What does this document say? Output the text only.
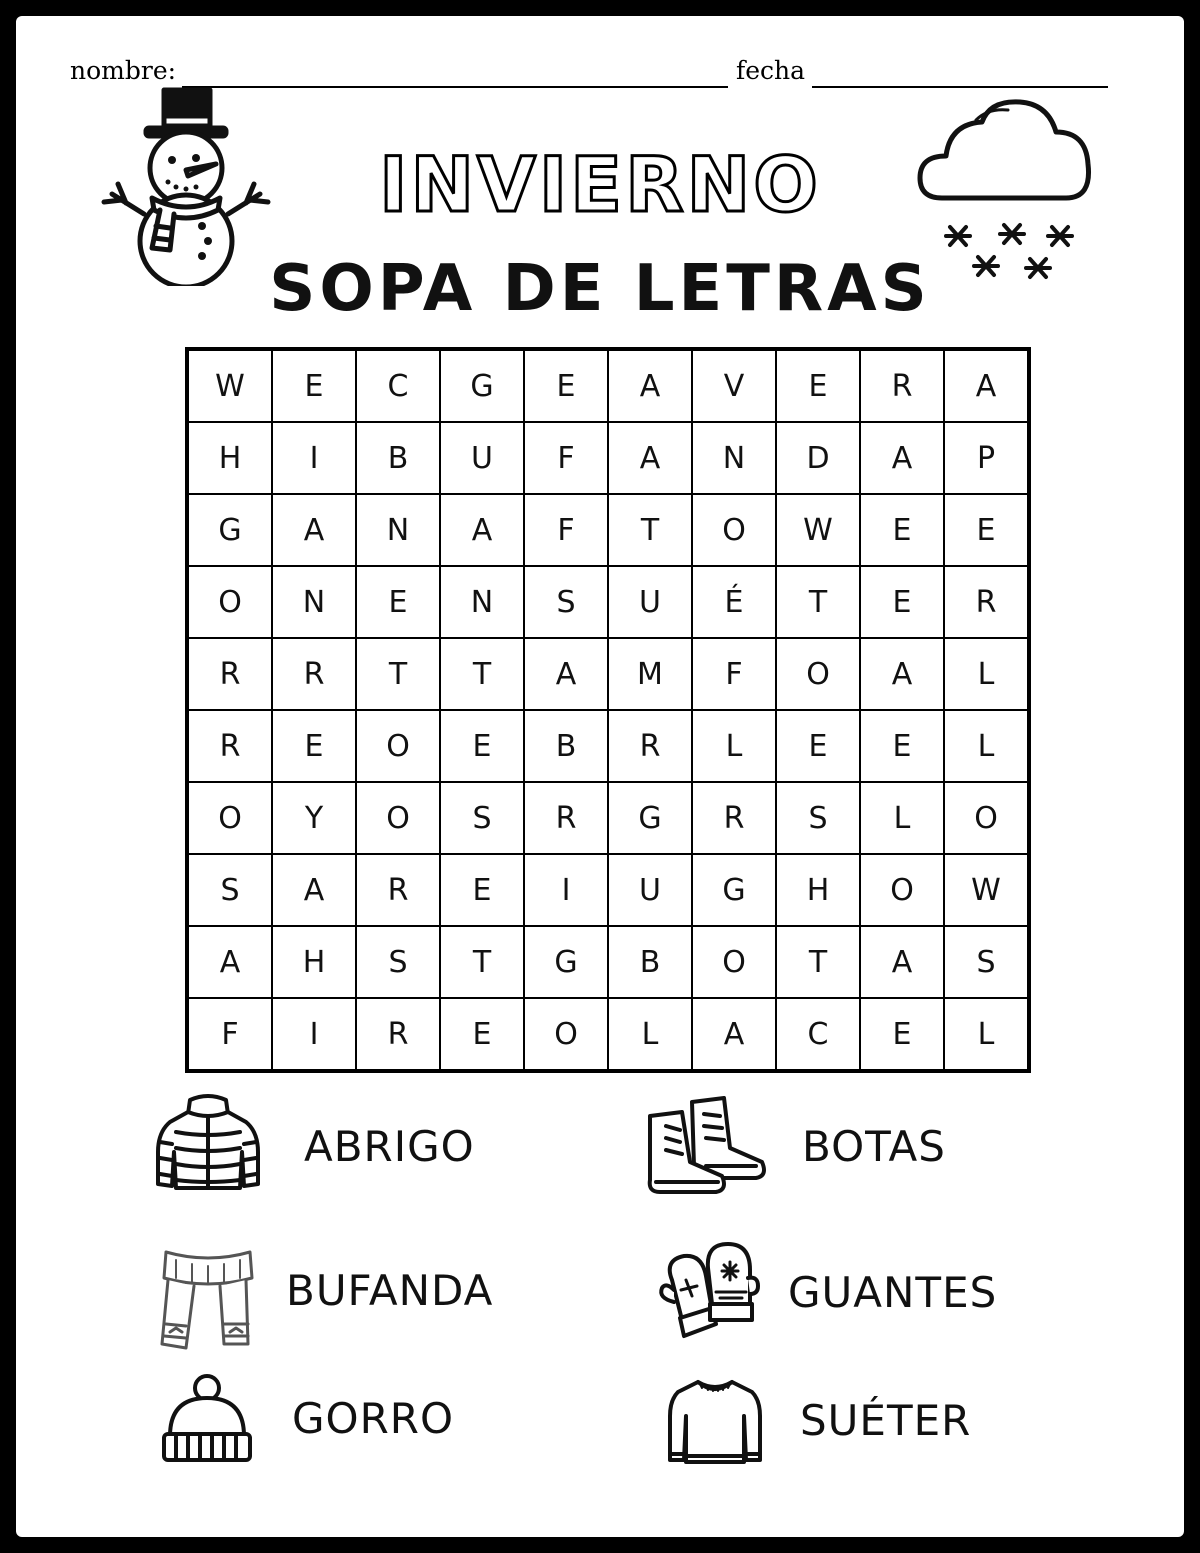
nombre:	fecha
INVIERNO
SOPA DE LETRAS
W	E	C	G	E	A	V	E	R	A
H	I	B	U	F	A	N	D	A	P
G	A	N	A	F	T	O	W	E	E
O	N	E	N	S	U	É	T	E	R
R	R	T	T	A	M	F	O	A	L
R	E	O	E	B	R	L	E	E	L
O	Y	O	S	R	G	R	S	L	O
S	A	R	E	I	U	G	H	O	W
A	H	S	T	G	B	O	T	A	S
F	I	R	E	O	L	A	C	E	L
ABRIGO	BOTAS
BUFANDA	GUANTES
GORRO	SUÉTER
